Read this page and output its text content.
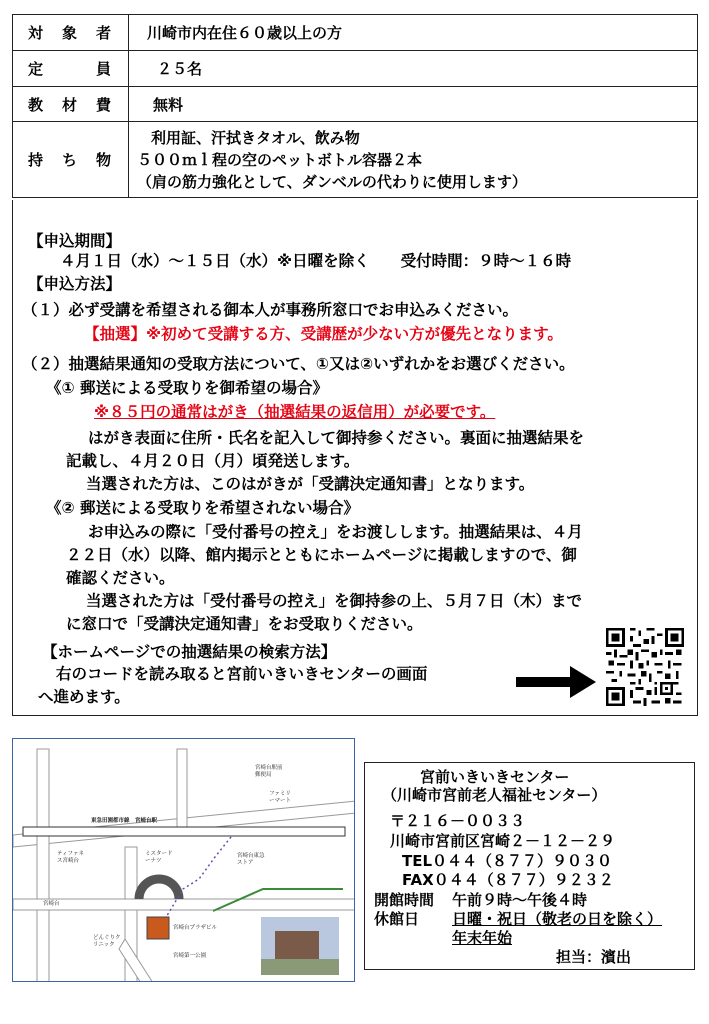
対　象　者	川崎市内在住６０歳以上の方
定　　　員	２５名
教　材　費	無料
持　ち　物	利用証、汗拭きタオル、飲み物
５００ｍｌ程の空のペットボトル容器２本
（肩の筋力強化として、ダンベルの代わりに使用します）
【申込期間】
４月１日（水）～１５日（水）※日曜を除く　　受付時間：９時～１６時
【申込方法】
（１）必ず受講を希望される御本人が事務所窓口でお申込みください。
【抽選】※初めて受講する方、受講歴が少ない方が優先となります。
（２）抽選結果通知の受取方法について、①又は②いずれかをお選びください。
《① 郵送による受取りを御希望の場合》
※８５円の通常はがき（抽選結果の返信用）が必要です。
はがき表面に住所・氏名を記入して御持参ください。裏面に抽選結果を
記載し、４月２０日（月）頃発送します。
当選された方は、このはがきが「受講決定通知書」となります。
《② 郵送による受取りを希望されない場合》
お申込みの際に「受付番号の控え」をお渡しします。抽選結果は、４月
２２日（水）以降、館内掲示とともにホームページに掲載しますので、御
確認ください。
当選された方は「受付番号の控え」を御持参の上、５月７日（木）まで
に窓口で「受講決定通知書」をお受取りください。
【ホームページでの抽選結果の検索方法】
右のコードを読み取ると宮前いきいきセンターの画面
へ進めます。
東急田園都市線　宮崎台駅
ティファネス宮崎台
ミスタードーナツ
宮崎台東急ストア
宮崎台駅前郵便局
ファミリーマート
宮崎台プラザビル
どんぐりクリニック
宮崎第一公園
宮崎台
宮前いきいきセンター
（川崎市宮前老人福祉センター）
〒２１６－００３３
川崎市宮前区宮崎２－１２－２９
TEL０４４（８７７）９０３０
FAX０４４（８７７）９２３２
開館時間 午前９時～午後４時
休館日 日曜・祝日（敬老の日を除く）
年末年始
担当：濱出
